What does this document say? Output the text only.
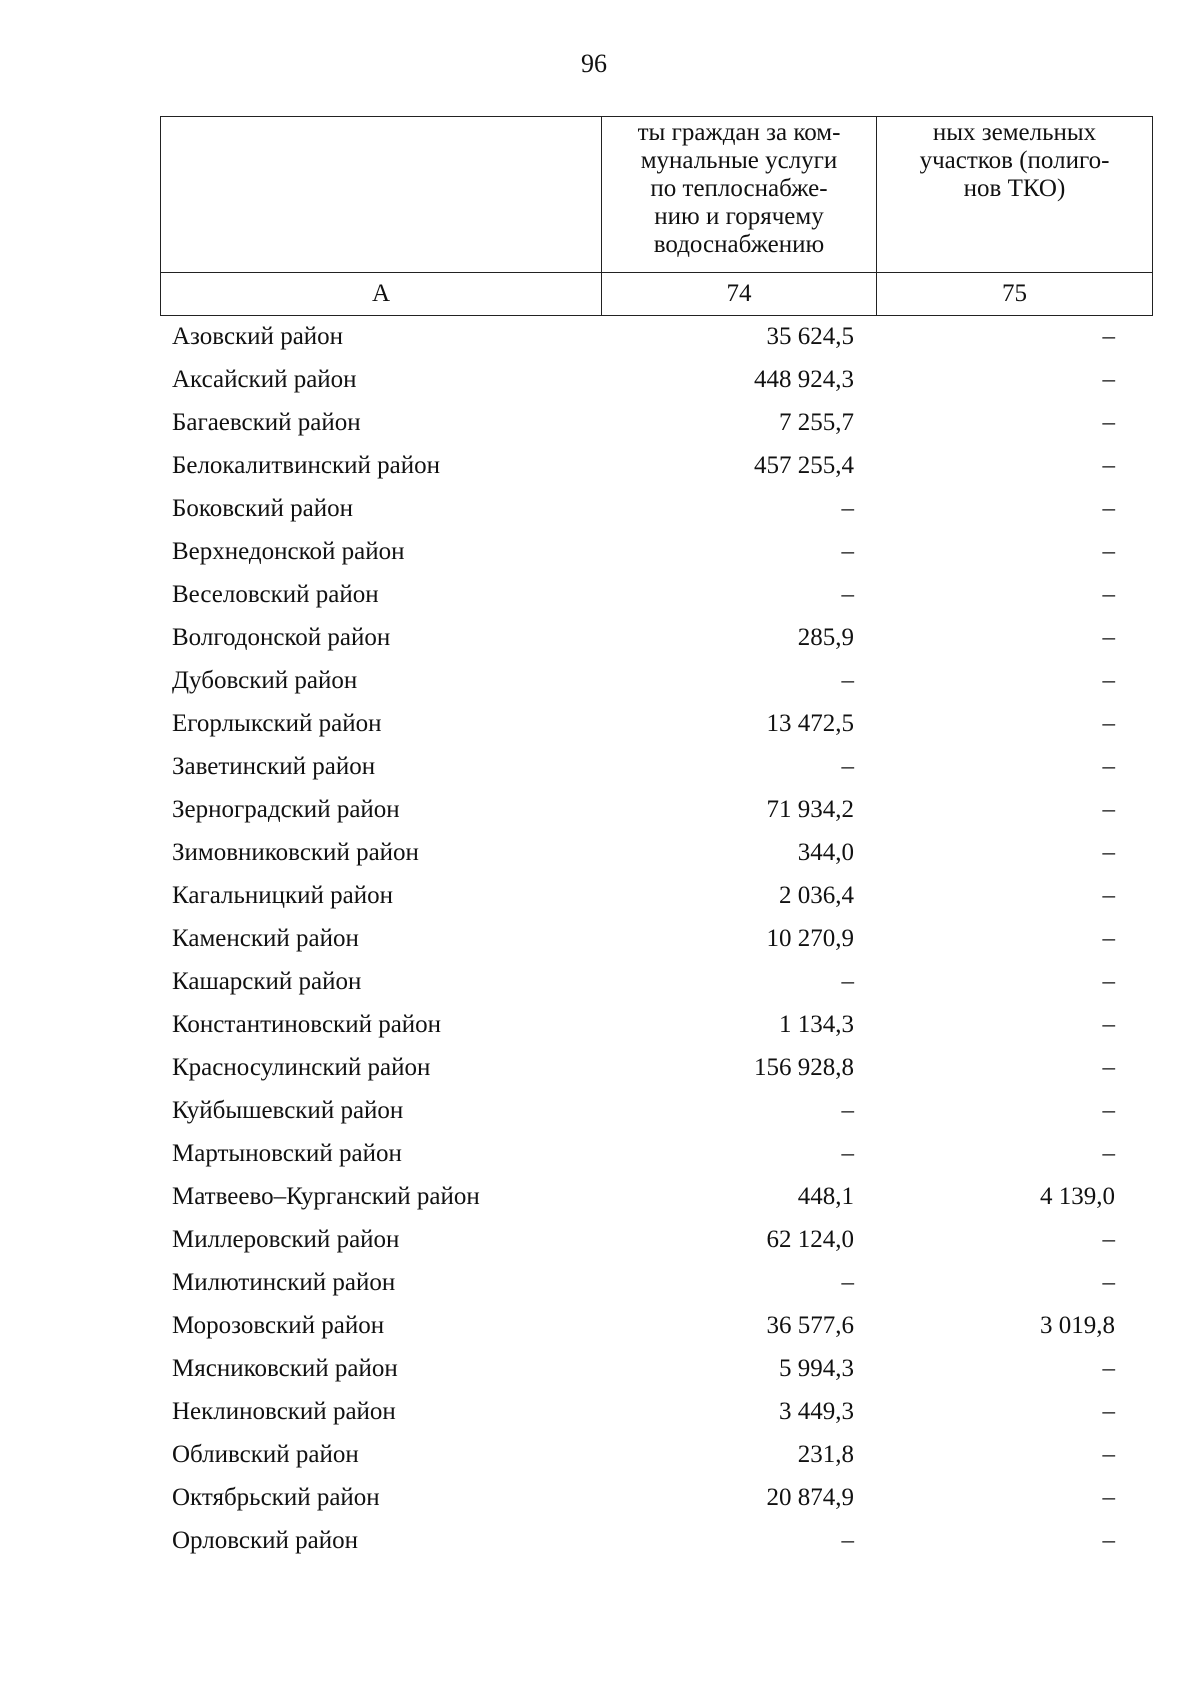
96
	ты граждан за ком-
мунальные услуги
по теплоснабже-
нию и горячему
водоснабжению	ных земельных
участков (полиго-
нов ТКО)
А	74	75
Азовский район	35 624,5	–
Аксайский район	448 924,3	–
Багаевский район	7 255,7	–
Белокалитвинский район	457 255,4	–
Боковский район	–	–
Верхнедонской район	–	–
Веселовский район	–	–
Волгодонской район	285,9	–
Дубовский район	–	–
Егорлыкский район	13 472,5	–
Заветинский район	–	–
Зерноградский район	71 934,2	–
Зимовниковский район	344,0	–
Кагальницкий район	2 036,4	–
Каменский район	10 270,9	–
Кашарский район	–	–
Константиновский район	1 134,3	–
Красносулинский район	156 928,8	–
Куйбышевский район	–	–
Мартыновский район	–	–
Матвеево–Курганский район	448,1	4 139,0
Миллеровский район	62 124,0	–
Милютинский район	–	–
Морозовский район	36 577,6	3 019,8
Мясниковский район	5 994,3	–
Неклиновский район	3 449,3	–
Обливский район	231,8	–
Октябрьский район	20 874,9	–
Орловский район	–	–
